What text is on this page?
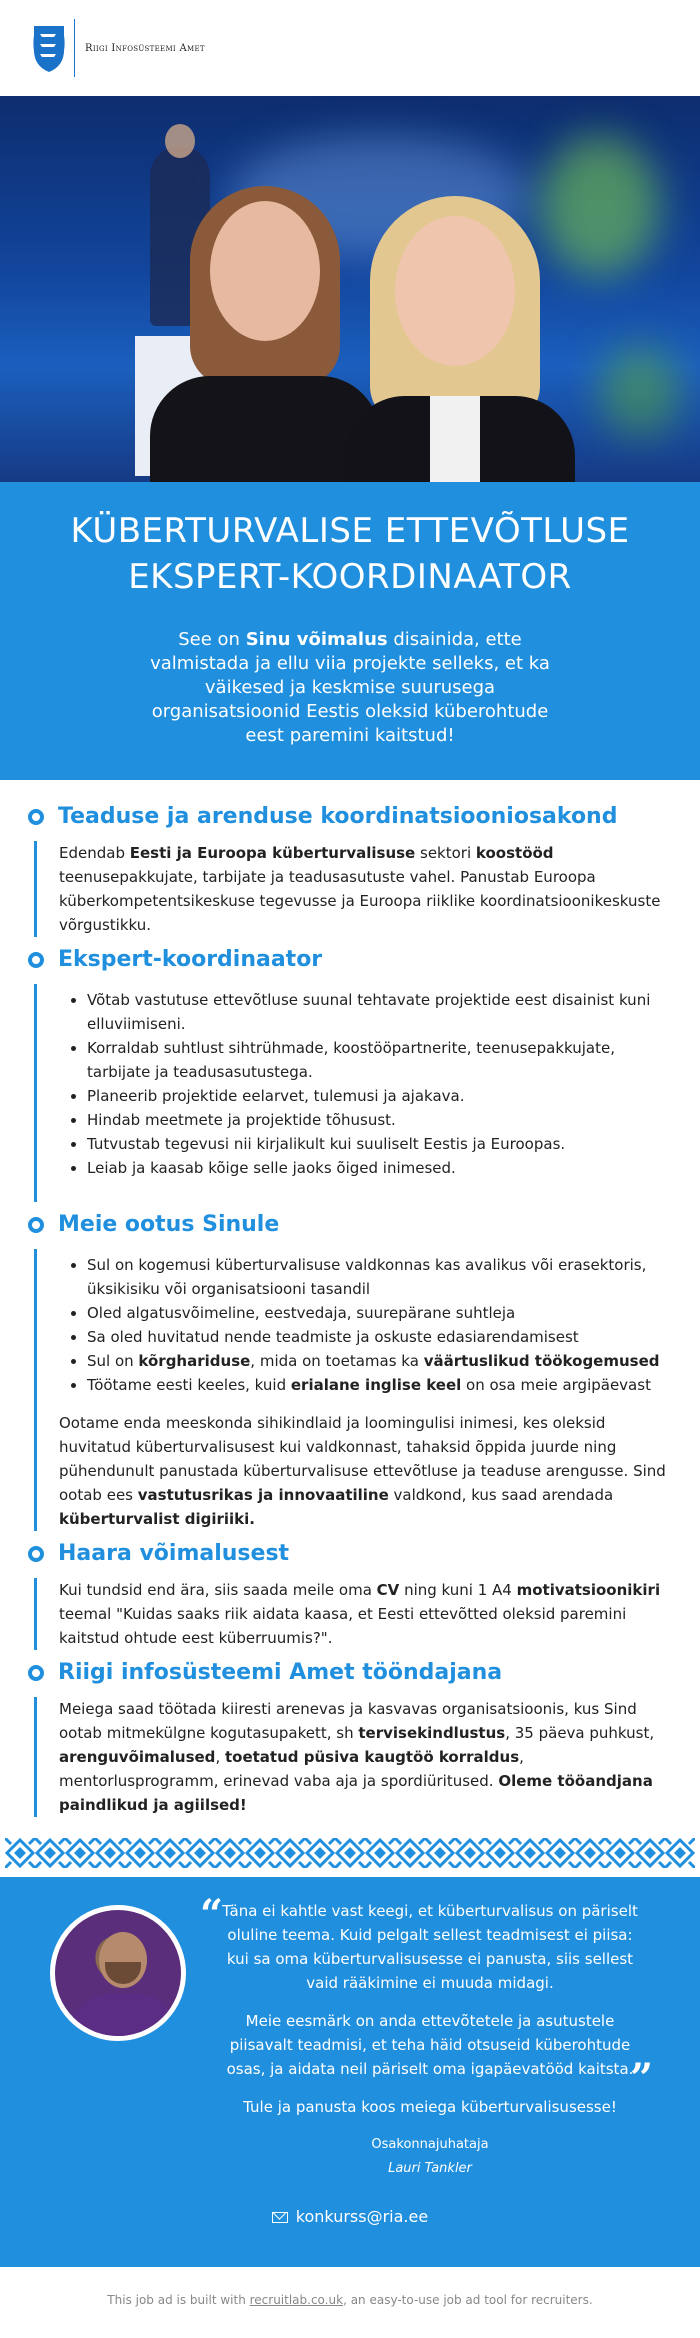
Riigi Infosüsteemi Amet
KÜBERTURVALISE ETTEVÕTLUSE
EKSPERT-KOORDINAATOR

See on Sinu võimalus disainida, ette valmistada ja ellu viia projekte selleks, et ka väikesed ja keskmise suurusega organisatsioonid Eestis oleksid küberohtude eest paremini kaitstud!

Teaduse ja arenduse koordinatsiooniosakond

Edendab Eesti ja Euroopa küberturvalisuse sektori koostööd teenusepakkujate, tarbijate ja teadusasutuste vahel. Panustab Euroopa küberkompetentsikeskuse tegevusse ja Euroopa riiklike koordinatsioonikeskuste võrgustikku.

Ekspert-koordinaator
• Võtab vastutuse ettevõtluse suunal tehtavate projektide eest disainist kuni elluviimiseni.
• Korraldab suhtlust sihtrühmade, koostööpartnerite, teenusepakkujate, tarbijate ja teadusasutustega.
• Planeerib projektide eelarvet, tulemusi ja ajakava.
• Hindab meetmete ja projektide tõhusust.
• Tutvustab tegevusi nii kirjalikult kui suuliselt Eestis ja Euroopas.
• Leiab ja kaasab kõige selle jaoks õiged inimesed.
Meie ootus Sinule
• Sul on kogemusi küberturvalisuse valdkonnas kas avalikus või erasektoris, üksikisiku või organisatsiooni tasandil
• Oled algatusvõimeline, eestvedaja, suurepärane suhtleja
• Sa oled huvitatud nende teadmiste ja oskuste edasiarendamisest
• Sul on kõrghariduse, mida on toetamas ka väärtuslikud töökogemused
• Töötame eesti keeles, kuid erialane inglise keel on osa meie argipäevast

Ootame enda meeskonda sihikindlaid ja loomingulisi inimesi, kes oleksid huvitatud küberturvalisusest kui valdkonnast, tahaksid õppida juurde ning pühendunult panustada küberturvalisuse ettevõtluse ja teaduse arengusse. Sind ootab ees vastutusrikas ja innovaatiline valdkond, kus saad arendada küberturvalist digiriiki.

Haara võimalusest

Kui tundsid end ära, siis saada meile oma CV ning kuni 1 A4 motivatsioonikiri teemal "Kuidas saaks riik aidata kaasa, et Eesti ettevõtted oleksid paremini kaitstud ohtude eest küberruumis?".

Riigi infosüsteemi Amet tööndajana

Meiega saad töötada kiiresti arenevas ja kasvavas organisatsioonis, kus Sind ootab mitmekülgne kogutasupakett, sh tervisekindlustus, 35 päeva puhkust, arenguvõimalused, toetatud püsiva kaugtöö korraldus, mentorlusprogramm, erinevad vaba aja ja spordiüritused. Oleme tööandjana paindlikud ja agiilsed!

“ Täna ei kahtle vast keegi, et küberturvalisus on päriselt oluline teema. Kuid pelgalt sellest teadmisest ei piisa: kui sa oma küberturvalisusesse ei panusta, siis sellest vaid rääkimine ei muuda midagi.

Meie eesmärk on anda ettevõtetele ja asutustele piisavalt teadmisi, et teha häid otsuseid küberohtude osas, ja aidata neil päriselt oma igapäevatööd kaitsta.

Tule ja panusta koos meiega küberturvalisusesse!

Osakonnajuhataja
Lauri Tankler
”
konkurss@ria.ee
This job ad is built with recruitlab.co.uk, an easy-to-use job ad tool for recruiters.
